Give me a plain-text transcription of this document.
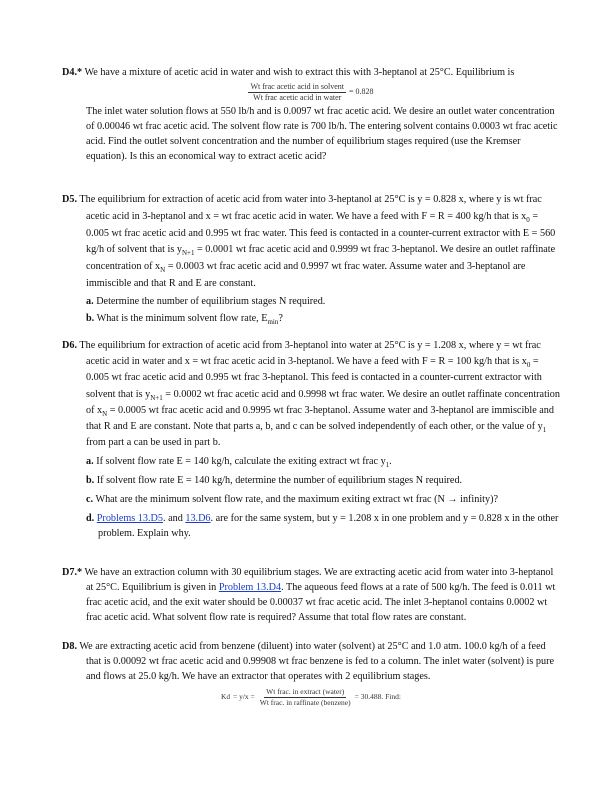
D4.* We have a mixture of acetic acid in water and wish to extract this with 3-heptanol at 25°C. Equilibrium is

$\frac{\text{Wt frac acetic acid in solvent}}{\text{Wt frac acetic acid in water}} = 0.828$

The inlet water solution flows at 550 lb/h and is 0.0097 wt frac acetic acid. We desire an outlet water concentration of 0.00046 wt frac acetic acid. The solvent flow rate is 700 lb/h. The entering solvent contains 0.0003 wt frac acetic acid. Find the outlet solvent concentration and the number of equilibrium stages required (use the Kremser equation). Is this an economical way to extract acetic acid?

D5. The equilibrium for extraction of acetic acid from water into 3-heptanol at 25°C is y = 0.828 x, where y is wt frac acetic acid in 3-heptanol and x = wt frac acetic acid in water. We have a feed with F = R = 400 kg/h that is $x_0 = 0.005$ wt frac acetic acid and 0.995 wt frac water. This feed is contacted in a counter-current extractor with E = 560 kg/h of solvent that is $y_{N+1} = 0.0001$ wt frac acetic acid and 0.9999 wt frac 3-heptanol. We desire an outlet raffinate concentration of $x_N = 0.0003$ wt frac acetic acid and 0.9997 wt frac water. Assume water and 3-heptanol are immiscible and that R and E are constant.

a. Determine the number of equilibrium stages N required.

b. What is the minimum solvent flow rate, $E_{min}$?

D6. The equilibrium for extraction of acetic acid from 3-heptanol into water at 25°C is y = 1.208 x, where y = wt frac acetic acid in water and x = wt frac acetic acid in 3-heptanol. We have a feed with F = R = 100 kg/h that is $x_0 = 0.005$ wt frac acetic acid and 0.995 wt frac 3-heptanol. This feed is contacted in a counter-current extractor with solvent that is $y_{N+1} = 0.0002$ wt frac acetic acid and 0.9998 wt frac water. We desire an outlet raffinate concentration of $x_N = 0.0005$ wt frac acetic acid and 0.9995 wt frac 3-heptanol. Assume water and 3-heptanol are immiscible and that R and E are constant. Note that parts a, b, and c can be solved independently of each other, or the value of $y_1$ from part a can be used in part b.

a. If solvent flow rate E = 140 kg/h, calculate the exiting extract wt frac $y_1$.

b. If solvent flow rate E = 140 kg/h, determine the number of equilibrium stages N required.

c. What are the minimum solvent flow rate, and the maximum exiting extract wt frac (N → infinity)?

d. Problems 13.D5. and 13.D6. are for the same system, but y = 1.208 x in one problem and y = 0.828 x in the other problem. Explain why.

D7.* We have an extraction column with 30 equilibrium stages. We are extracting acetic acid from water into 3-heptanol at 25°C. Equilibrium is given in Problem 13.D4. The aqueous feed flows at a rate of 500 kg/h. The feed is 0.011 wt frac acetic acid, and the exit water should be 0.00037 wt frac acetic acid. The inlet 3-heptanol contains 0.0002 wt frac acetic acid. What solvent flow rate is required? Assume that total flow rates are constant.

D8. We are extracting acetic acid from benzene (diluent) into water (solvent) at 25°C and 1.0 atm. 100.0 kg/h of a feed that is 0.00092 wt frac acetic acid and 0.99908 wt frac benzene is fed to a column. The inlet water (solvent) is pure and flows at 25.0 kg/h. We have an extractor that operates with 2 equilibrium stages.

K $d = y/x = \frac{\text{Wt frac. in extract (water)}}{\text{Wt frac. in raffinate (benzene)}} = 30.488$. Find:
